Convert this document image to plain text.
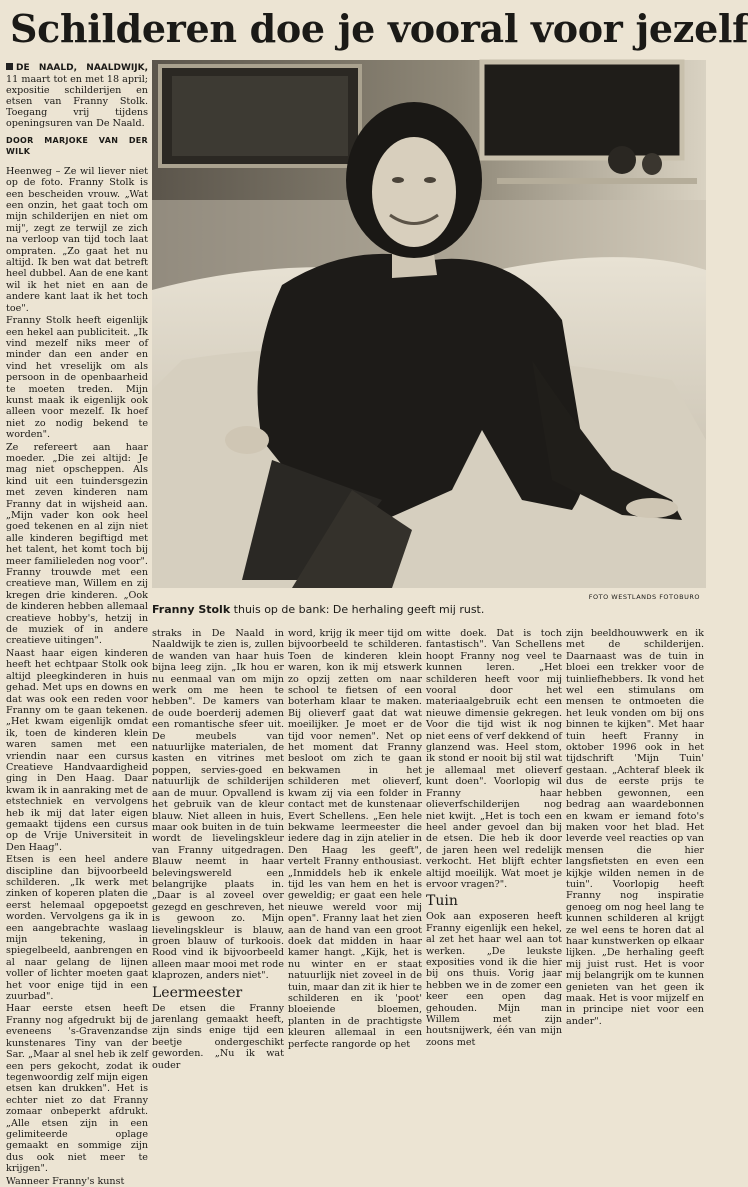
Schilderen doe je vooral voor jezelf
DE NAALD, NAALDWIJK, 11 maart tot en met 18 april; expositie schilderijen en etsen van Franny Stolk. Toegang vrij tijdens openingsuren van De Naald.
DOOR MARJOKE VAN DER WILK

Heenweg – Ze wil liever niet op de foto. Franny Stolk is een bescheiden vrouw. „Wat een onzin, het gaat toch om mijn schilderijen en niet om mij", zegt ze terwijl ze zich na verloop van tijd toch laat ompraten. „Zo gaat het nu altijd. Ik ben wat dat betreft heel dubbel. Aan de ene kant wil ik het niet en aan de andere kant laat ik het toch toe".

Franny Stolk heeft eigenlijk een hekel aan publiciteit. „Ik vind mezelf niks meer of minder dan een ander en vind het vreselijk om als persoon in de openbaarheid te moeten treden. Mijn kunst maak ik eigenlijk ook alleen voor mezelf. Ik hoef niet zo nodig bekend te worden".

Ze refereert aan haar moeder. „Die zei altijd: Je mag niet opscheppen. Als kind uit een tuindersgezin met zeven kinderen nam Franny dat in wijsheid aan. „Mijn vader kon ook heel goed tekenen en al zijn niet alle kinderen begiftigd met het talent, het komt toch bij meer familieleden nog voor". Franny trouwde met een creatieve man, Willem en zij kregen drie kinderen. „Ook de kinderen hebben allemaal creatieve hobby's, hetzij in de muziek of in andere creatieve uitingen".

Naast haar eigen kinderen heeft het echtpaar Stolk ook altijd pleegkinderen in huis gehad. Met ups en downs en dat was ook een reden voor Franny om te gaan tekenen. „Het kwam eigenlijk omdat ik, toen de kinderen klein waren samen met een vriendin naar een cursus Creatieve Handvaardigheid ging in Den Haag. Daar kwam ik in aanraking met de etstechniek en vervolgens heb ik mij dat later eigen gemaakt tijdens een cursus op de Vrije Universiteit in Den Haag".

Etsen is een heel andere discipline dan bijvoorbeeld schilderen. „Ik werk met zinken of koperen platen die eerst helemaal opgepoetst worden. Vervolgens ga ik in een aangebrachte waslaag mijn tekening, in spiegelbeeld, aanbrengen en al naar gelang de lijnen voller of lichter moeten gaat het voor enige tijd in een zuurbad".

Haar eerste etsen heeft Franny nog afgedrukt bij de eveneens 's-Gravenzandse kunstenares Tiny van der Sar. „Maar al snel heb ik zelf een pers gekocht, zodat ik tegenwoordig zelf mijn eigen etsen kan drukken". Het is echter niet zo dat Franny zomaar onbeperkt afdrukt. „Alle etsen zijn in een gelimiteerde oplage gemaakt en sommige zijn dus ook niet meer te krijgen".

Wanneer Franny's kunst

FOTO WESTLANDS FOTOBURO
Franny Stolk thuis op de bank: De herhaling geeft mij rust.

straks in De Naald in Naaldwijk te zien is, zullen de wanden van haar huis bijna leeg zijn. „Ik hou er nu eenmaal van om mijn werk om me heen te hebben". De kamers van de oude boerderij ademen een romantische sfeer uit. De meubels van natuurlijke materialen, de kasten en vitrines met poppen, servies-goed en natuurlijk de schilderijen aan de muur. Opvallend is het gebruik van de kleur blauw. Niet alleen in huis, maar ook buiten in de tuin wordt de lievelingskleur van Franny uitgedragen. Blauw neemt in haar belevingswereld een belangrijke plaats in. „Daar is al zoveel over gezegd en geschreven, het is gewoon zo. Mijn lievelingskleur is blauw, groen blauw of turkoois. Rood vind ik bijvoorbeeld alleen maar mooi met rode klaprozen, anders niet".

Leermeester

De etsen die Franny jarenlang gemaakt heeft, zijn sinds enige tijd een beetje ondergeschikt geworden. „Nu ik wat ouder

word, krijg ik meer tijd om bijvoorbeeld te schilderen. Toen de kinderen klein waren, kon ik mij etswerk zo opzij zetten om naar school te fietsen of een boterham klaar te maken. Bij olieverf gaat dat wat moeilijker. Je moet er de tijd voor nemen". Net op het moment dat Franny besloot om zich te gaan bekwamen in het schilderen met olieverf, kwam zij via een folder in contact met de kunstenaar Evert Schellens. „Een hele bekwame leermeester die iedere dag in zijn atelier in Den Haag les geeft", vertelt Franny enthousiast. „Inmiddels heb ik enkele tijd les van hem en het is geweldig; er gaat een hele nieuwe wereld voor mij open". Franny laat het zien aan de hand van een groot doek dat midden in haar kamer hangt. „Kijk, het is nu winter en er staat natuurlijk niet zoveel in de tuin, maar dan zit ik hier te schilderen en ik 'poot' bloeiende bloemen, planten in de prachtigste kleuren allemaal in een perfecte rangorde op het

witte doek. Dat is toch fantastisch". Van Schellens hoopt Franny nog veel te kunnen leren. „Het schilderen heeft voor mij vooral door het materiaalgebruik echt een nieuwe dimensie gekregen. Voor die tijd wist ik nog niet eens of verf dekkend of glanzend was. Heel stom, ik stond er nooit bij stil wat je allemaal met olieverf kunt doen". Voorlopig wil Franny haar olieverfschilderijen nog niet kwijt. „Het is toch een heel ander gevoel dan bij de etsen. Die heb ik door de jaren heen wel redelijk verkocht. Het blijft echter altijd moeilijk. Wat moet je ervoor vragen?".

Tuin

Ook aan exposeren heeft Franny eigenlijk een hekel, al zet het haar wel aan tot werken. „De leukste exposities vond ik die hier bij ons thuis. Vorig jaar hebben we in de zomer een keer een open dag gehouden. Mijn man Willem met zijn houtsnijwerk, één van mijn zoons met

zijn beeldhouwwerk en ik met de schilderijen. Daarnaast was de tuin in bloei een trekker voor de tuinliefhebbers. Ik vond het wel een stimulans om mensen te ontmoeten die het leuk vonden om bij ons binnen te kijken". Met haar tuin heeft Franny in oktober 1996 ook in het tijdschrift 'Mijn Tuin' gestaan. „Achteraf bleek ik dus de eerste prijs te hebben gewonnen, een bedrag aan waardebonnen en kwam er iemand foto's maken voor het blad. Het leverde veel reacties op van mensen die hier langsfietsten en even een kijkje wilden nemen in de tuin". Voorlopig heeft Franny nog inspiratie genoeg om nog heel lang te kunnen schilderen al krijgt ze wel eens te horen dat al haar kunstwerken op elkaar lijken. „De herhaling geeft mij juist rust. Het is voor mij belangrijk om te kunnen genieten van het geen ik maak. Het is voor mijzelf en in principe niet voor een ander".
